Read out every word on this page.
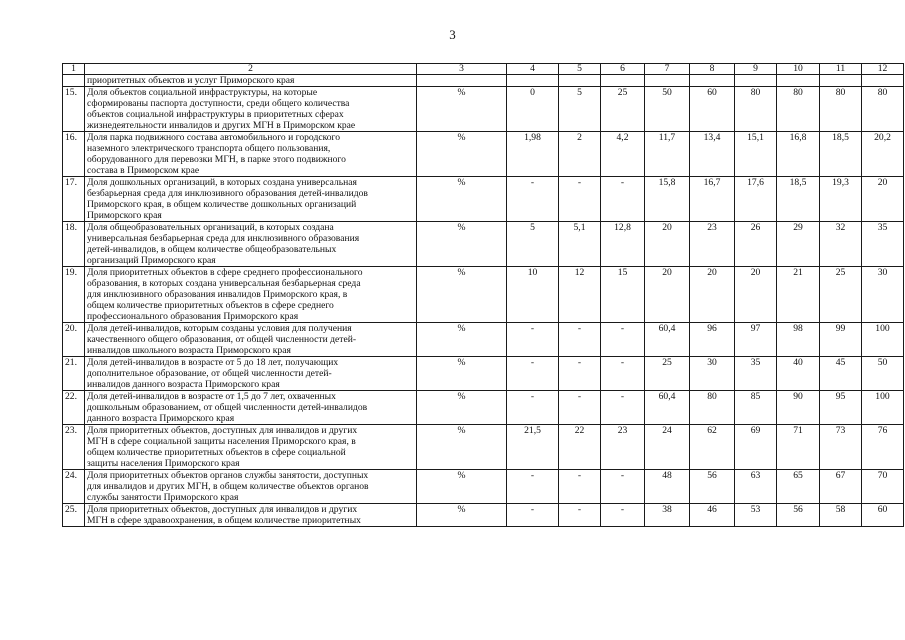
3
1	2	3	4	5	6	7	8	9	10	11	12
	приоритетных объектов и услуг Приморского края										
15.	Доля объектов социальной инфраструктуры, на которые
сформированы паспорта доступности, среди общего количества
объектов социальной инфраструктуры в приоритетных сферах
жизнедеятельности инвалидов и других МГН в Приморском крае	%	0	5	25	50	60	80	80	80	80
16.	Доля парка подвижного состава автомобильного и городского
наземного электрического транспорта общего пользования,
оборудованного для перевозки МГН, в парке этого подвижного
состава в Приморском крае	%	1,98	2	4,2	11,7	13,4	15,1	16,8	18,5	20,2
17.	Доля дошкольных организаций, в которых создана универсальная
безбарьерная среда для инклюзивного образования детей-инвалидов
Приморского края, в общем количестве дошкольных организаций
Приморского края	%	-	-	-	15,8	16,7	17,6	18,5	19,3	20
18.	Доля общеобразовательных организаций, в которых создана
универсальная безбарьерная среда для инклюзивного образования
детей-инвалидов, в общем количестве общеобразовательных
организаций Приморского края	%	5	5,1	12,8	20	23	26	29	32	35
19.	Доля приоритетных объектов в сфере среднего профессионального
образования, в которых создана универсальная безбарьерная среда
для инклюзивного образования инвалидов Приморского края, в
общем количестве приоритетных объектов в сфере среднего
профессионального образования Приморского края	%	10	12	15	20	20	20	21	25	30
20.	Доля детей-инвалидов, которым созданы условия для получения
качественного общего образования, от общей численности детей-
инвалидов школьного возраста Приморского края	%	-	-	-	60,4	96	97	98	99	100
21.	Доля детей-инвалидов в возрасте от 5 до 18 лет, получающих
дополнительное образование, от общей численности детей-
инвалидов данного возраста Приморского края	%	-	-	-	25	30	35	40	45	50
22.	Доля детей-инвалидов в возрасте от 1,5 до 7 лет, охваченных
дошкольным образованием, от общей численности детей-инвалидов
данного возраста Приморского края	%	-	-	-	60,4	80	85	90	95	100
23.	Доля приоритетных объектов, доступных для инвалидов и других
МГН в сфере социальной защиты населения Приморского края, в
общем количестве приоритетных объектов в сфере социальной
защиты населения Приморского края	%	21,5	22	23	24	62	69	71	73	76
24.	Доля приоритетных объектов органов службы занятости, доступных
для инвалидов и других МГН, в общем количестве объектов органов
службы занятости Приморского края	%	-	-	-	48	56	63	65	67	70
25.	Доля приоритетных объектов, доступных для инвалидов и других
МГН в сфере здравоохранения, в общем количестве приоритетных	%	-	-	-	38	46	53	56	58	60
